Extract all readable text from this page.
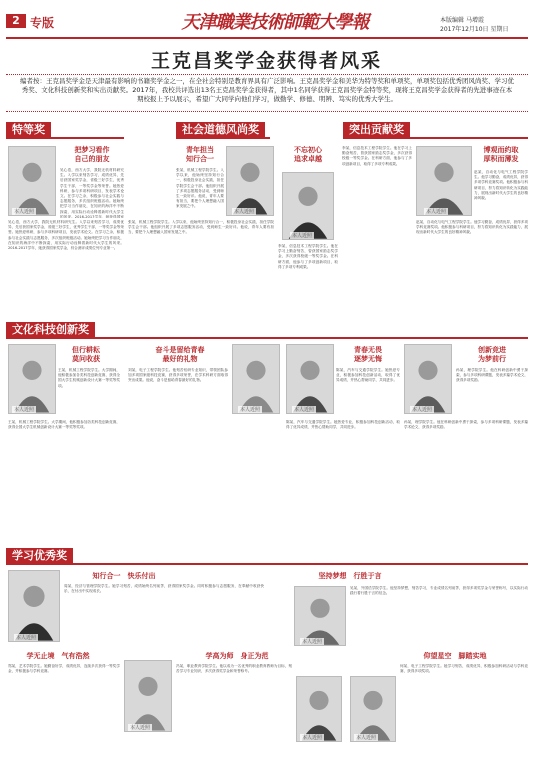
2 专版	天津職業技術師範大學報	本版编辑 马增霞
2017年12月10日 星期日
王克昌奖学金获得者风采
编者按：王克昌奖学金是天津最有影响的书籍奖学金之一，在全社会特别是教育界具有广泛影响。王克昌奖学金和美华为特等奖和单项奖，单项奖包括优秀团风尚奖、学习优秀奖、文化科技创新奖和实出贡献奖。2017年，我校共评选出13名王克昌奖学金获得者，其中1名同学获得王克昌奖学金特等奖，现将王克昌奖学金获得者的先进事迹在本期校报上予以展示，希望广大同学向他们学习，做勤学、修德、明辨、笃实的优秀大学生。
特等奖	社会道德风尚奖	突出贡献奖
把梦习看作
自己的朋友
本人近照
吴心语，西方大学，我院无机材料研究生。入学以来刻苦学习，成绩优异，先后获国家奖学金，省级三好学生，优秀学生干部，一等奖学金等荣誉。她热爱科研，参与多项科研项目，发表学术论文。在学习之余，积极参与社会实践与志愿服务，多次组织班级活动。她始终把学习当作朋友，在知识的海洋中不断探索，用实际行动诠释着新时代大学生的风采。2016-2017学年，她获得国家
吴心语，西方大学，我院无机材料研究生。入学以来刻苦学习，成绩优异，先后获国家奖学金，省级三好学生，优秀学生干部，一等奖学金等荣誉。她热爱科研，参与多项科研项目，发表学术论文。在学习之余，积极参与社会实践与志愿服务，多次组织班级活动。她始终把学习当作朋友，在知识的海洋中不断探索，用实际行动诠释着新时代大学生的风采。2016-2017学年，她获得国家奖学金，综合测评成绩位列专业第一。
青年担当
知行合一
本人近照
张某，机械工程学院学生。入学以来，他始终坚持知行合一，积极投身社会实践，担任学院学生会干部。他组织开展了多项志愿服务活动，受到师生一致好评。他说，青年人要有担当，要把个人理想融入国家发展之中。
张某，机械工程学院学生。入学以来，他始终坚持知行合一，积极投身社会实践，担任学院学生会干部。他组织开展了多项志愿服务活动，受到师生一致好评。他说，青年人要有担当，要把个人理想融入国家发展之中。
不忘初心
追求卓越
本人近照
李某，信息技术工程学院学生。他在学习上勤奋刻苦，曾获国家励志奖学金，多次获得校级一等奖学金。在科研方面，他参与了多项创新项目，取得了多项专利成果。
李某，信息技术工程学院学生。他在学习上勤奋刻苦，曾获国家励志奖学金，多次获得校级一等奖学金。在科研方面，他参与了多项创新项目，取得了多项专利成果。
本人近照
博观而约取
厚积而薄发
赵某，自动化与电气工程学院学生。他学习勤奋，成绩优异，获得多项学科竞赛奖项。他积极参与科研项目，努力将知识转化为实践能力，展现出新时代大学生的良好精神风貌。
赵某，自动化与电气工程学院学生。他学习勤奋，成绩优异，获得多项学科竞赛奖项。他积极参与科研项目，努力将知识转化为实践能力，展现出新时代大学生的良好精神风貌。
文化科技创新奖
本人近照
但行耕耘
莫问收获
王某，机械工程学院学生。大学期间，他积极参加各类科技创新竞赛，获得全国大学生机械创新设计大赛一等奖等奖项。
王某，机械工程学院学生。大学期间，他积极参加各类科技创新竞赛，获得全国大学生机械创新设计大赛一等奖等奖项。
奋斗是留给青春
最好的礼物
本人近照
刘某，电子工程学院学生。他刻苦钻研专业知识，带领团队参加多项国家级科技竞赛，获得多项荣誉，在学术科研方面取得突出成果。他说，奋斗是留给青春最好的礼物。
本人近照
青春无畏
逐梦无悔
陈某，汽车与交通学院学生。她热爱专业，积极参加科技创新活动，取得了优异成绩，并热心帮助同学，共同进步。
陈某，汽车与交通学院学生。她热爱专业，积极参加科技创新活动，取得了优异成绩，并热心帮助同学，共同进步。
本人近照
创新竞进
为梦前行
孙某，理学院学生。他在科研创新中勇于探索，参与多项科研课题，发表多篇学术论文，获得多项奖励。
孙某，理学院学生。他在科研创新中勇于探索，参与多项科研课题，发表多篇学术论文，获得多项奖励。
学习优秀奖
本人近照
知行合一　快乐付出
周某，经济与管理学院学生。她学习刻苦，成绩始终名列前茅，获得国家奖学金。同时积极参与志愿服务，在奉献中收获快乐，在付出中实现成长。
坚持梦想　行胜于言
本人近照
吴某，外国语学院学生。他坚持梦想，刻苦学习，专业成绩名列前茅，获得多项奖学金与荣誉称号，以实际行动践行着行胜于言的信念。
学无止境　气有浩然
郑某，艺术学院学生。她勤奋好学，成绩优异，连续多次获得一等奖学金，并积极参与学科竞赛。
本人近照
学高为师　身正为范
冯某，职业教育学院学生。他以成为一名优秀的职业教育教师为目标，刻苦学习专业知识，多次获得奖学金和荣誉称号。
本人近照	本人近照
仰望星空　脚踏实地
何某，电子工程学院学生。她学习刻苦，成绩优异，积极参加科研活动与学科竞赛，获得多项奖项。
